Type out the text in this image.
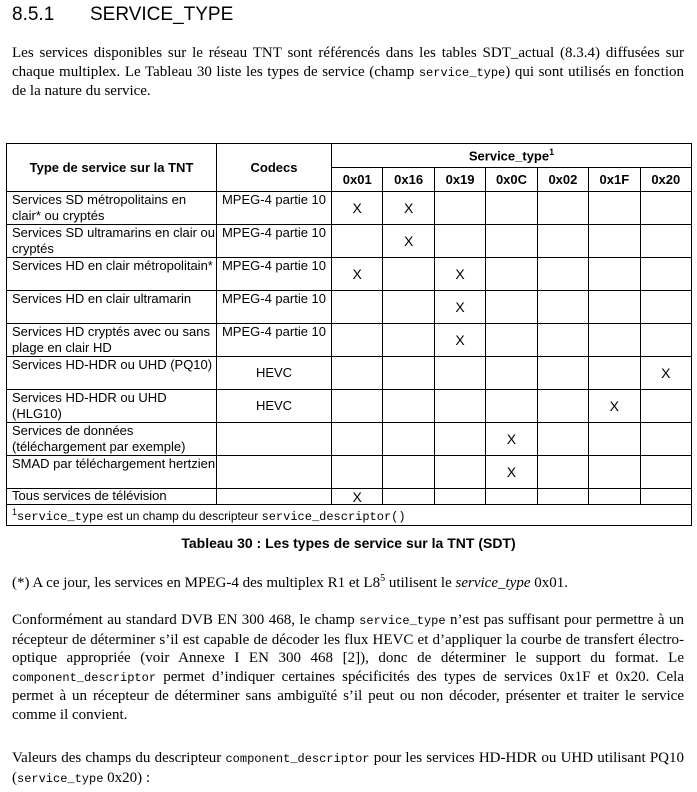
8.5.1 SERVICE_TYPE
Les services disponibles sur le réseau TNT sont référencés dans les tables SDT_actual (8.3.4) diffusées sur chaque multiplex. Le Tableau 30 liste les types de service (champ service_type) qui sont utilisés en fonction de la nature du service.
Type de service sur la TNT	Codecs	Service_type$^1$
		0x01	0x16	0x19	0x0C	0x02	0x1F	0x20
Services SD métropolitains en clair* ou cryptés	MPEG-4 partie 10	X	X					
Services SD ultramarins en clair ou cryptés	MPEG-4 partie 10		X					
Services HD en clair métropolitain*	MPEG-4 partie 10	X		X				
Services HD en clair ultramarin	MPEG-4 partie 10			X				
Services HD cryptés avec ou sans plage en clair HD	MPEG-4 partie 10			X				
Services HD-HDR ou UHD (PQ10)	HEVC							X
Services HD-HDR ou UHD (HLG10)	HEVC						X	
Services de données (téléchargement par exemple)					X			
SMAD par téléchargement hertzien					X			
Tous services de télévision		X						
$^1$service_type est un champ du descripteur service_descriptor()								
Tableau 30 : Les types de service sur la TNT (SDT)
(*) A ce jour, les services en MPEG-4 des multiplex R1 et $L8^5$ utilisent le service_type 0x01.
Conformément au standard DVB EN 300 468, le champ service_type n’est pas suffisant pour permettre à un récepteur de déterminer s’il est capable de décoder les flux HEVC et d’appliquer la courbe de transfert électro-optique appropriée (voir Annexe I EN 300 468 [2]), donc de déterminer le support du format. Le component_descriptor permet d’indiquer certaines spécificités des types de services 0x1F et 0x20. Cela permet à un récepteur de déterminer sans ambiguïté s’il peut ou non décoder, présenter et traiter le service comme il convient.
Valeurs des champs du descripteur component_descriptor pour les services HD-HDR ou UHD utilisant PQ10 (service_type 0x20) :
